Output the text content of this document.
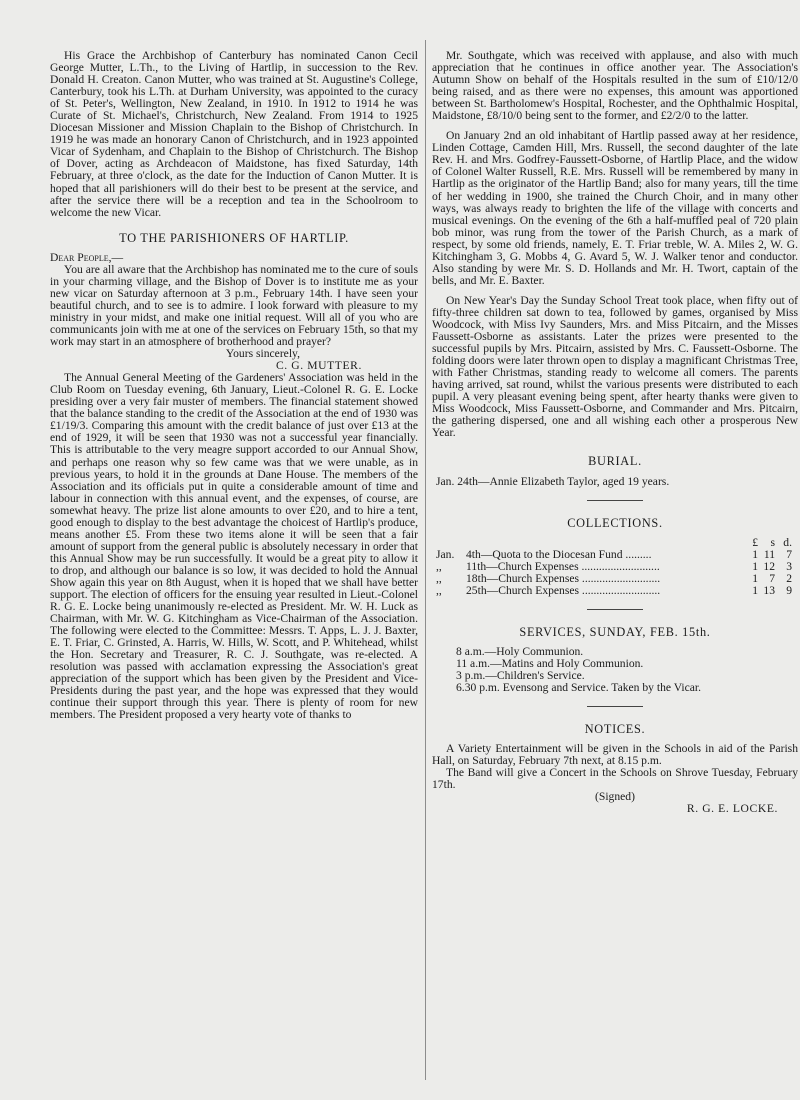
His Grace the Archbishop of Canterbury has nominated Canon Cecil George Mutter, L.Th., to the Living of Hartlip, in succession to the Rev. Donald H. Creaton. Canon Mutter, who was trained at St. Augustine's College, Canterbury, took his L.Th. at Durham University, was appointed to the curacy of St. Peter's, Wellington, New Zealand, in 1910. In 1912 to 1914 he was Curate of St. Michael's, Christchurch, New Zealand. From 1914 to 1925 Diocesan Missioner and Mission Chaplain to the Bishop of Christchurch. In 1919 he was made an honorary Canon of Christchurch, and in 1923 appointed Vicar of Sydenham, and Chaplain to the Bishop of Christchurch. The Bishop of Dover, acting as Archdeacon of Maidstone, has fixed Saturday, 14th February, at three o'clock, as the date for the Induction of Canon Mutter. It is hoped that all parishioners will do their best to be present at the service, and after the service there will be a reception and tea in the Schoolroom to welcome the new Vicar.

TO THE PARISHIONERS OF HARTLIP.

Dear People,—

You are all aware that the Archbishop has nominated me to the cure of souls in your charming village, and the Bishop of Dover is to institute me as your new vicar on Saturday afternoon at 3 p.m., February 14th. I have seen your beautiful church, and to see is to admire. I look forward with pleasure to my ministry in your midst, and make one initial request. Will all of you who are communicants join with me at one of the services on February 15th, so that my work may start in an atmosphere of brotherhood and prayer?

Yours sincerely,

C. G. MUTTER.

The Annual General Meeting of the Gardeners' Association was held in the Club Room on Tuesday evening, 6th January, Lieut.-Colonel R. G. E. Locke presiding over a very fair muster of members. The financial statement showed that the balance standing to the credit of the Association at the end of 1930 was £1/19/3. Comparing this amount with the credit balance of just over £13 at the end of 1929, it will be seen that 1930 was not a successful year financially. This is attributable to the very meagre support accorded to our Annual Show, and perhaps one reason why so few came was that we were unable, as in previous years, to hold it in the grounds at Dane House. The members of the Association and its officials put in quite a considerable amount of time and labour in connection with this annual event, and the expenses, of course, are somewhat heavy. The prize list alone amounts to over £20, and to hire a tent, good enough to display to the best advantage the choicest of Hartlip's produce, means another £5. From these two items alone it will be seen that a fair amount of support from the general public is absolutely necessary in order that this Annual Show may be run successfully. It would be a great pity to allow it to drop, and although our balance is so low, it was decided to hold the Annual Show again this year on 8th August, when it is hoped that we shall have better support. The election of officers for the ensuing year resulted in Lieut.-Colonel R. G. E. Locke being unanimously re-elected as President. Mr. W. H. Luck as Chairman, with Mr. W. G. Kitchingham as Vice-Chairman of the Association. The following were elected to the Committee: Messrs. T. Apps, L. J. J. Baxter, E. T. Friar, C. Grinsted, A. Harris, W. Hills, W. Scott, and P. Whitehead, whilst the Hon. Secretary and Treasurer, R. C. J. Southgate, was re-elected. A resolution was passed with acclamation expressing the Association's great appreciation of the support which has been given by the President and Vice-Presidents during the past year, and the hope was expressed that they would continue their support through this year. There is plenty of room for new members. The President proposed a very hearty vote of thanks to

Mr. Southgate, which was received with applause, and also with much appreciation that he continues in office another year. The Association's Autumn Show on behalf of the Hospitals resulted in the sum of £10/12/0 being raised, and as there were no expenses, this amount was apportioned between St. Bartholomew's Hospital, Rochester, and the Ophthalmic Hospital, Maidstone, £8/10/0 being sent to the former, and £2/2/0 to the latter.

On January 2nd an old inhabitant of Hartlip passed away at her residence, Linden Cottage, Camden Hill, Mrs. Russell, the second daughter of the late Rev. H. and Mrs. Godfrey-Faussett-Osborne, of Hartlip Place, and the widow of Colonel Walter Russell, R.E. Mrs. Russell will be remembered by many in Hartlip as the originator of the Hartlip Band; also for many years, till the time of her wedding in 1900, she trained the Church Choir, and in many other ways, was always ready to brighten the life of the village with concerts and musical evenings. On the evening of the 6th a half-muffled peal of 720 plain bob minor, was rung from the tower of the Parish Church, as a mark of respect, by some old friends, namely, E. T. Friar treble, W. A. Miles 2, W. G. Kitchingham 3, G. Mobbs 4, G. Avard 5, W. J. Walker tenor and conductor. Also standing by were Mr. S. D. Hollands and Mr. H. Twort, captain of the bells, and Mr. E. Baxter.

On New Year's Day the Sunday School Treat took place, when fifty out of fifty-three children sat down to tea, followed by games, organised by Miss Woodcock, with Miss Ivy Saunders, Mrs. and Miss Pitcairn, and the Misses Faussett-Osborne as assistants. Later the prizes were presented to the successful pupils by Mrs. Pitcairn, assisted by Mrs. C. Faussett-Osborne. The folding doors were later thrown open to display a magnificant Christmas Tree, with Father Christmas, standing ready to welcome all comers. The parents having arrived, sat round, whilst the various presents were distributed to each pupil. A very pleasant evening being spent, after hearty thanks were given to Miss Woodcock, Miss Faussett-Osborne, and Commander and Mrs. Pitcairn, the gathering dispersed, one and all wishing each other a prosperous New Year.

BURIAL.

Jan. 24th—Annie Elizabeth Taylor, aged 19 years.

COLLECTIONS.
£	s d.
Jan.	4th—Quota to the Diocesan Fund .........	1 11 7
,,	11th—Church Expenses ...........................	1 12 3
,,	18th—Church Expenses ...........................	1 7 2
,,	25th—Church Expenses ...........................	1 13 9
SERVICES, SUNDAY, FEB. 15th.

8 a.m.—Holy Communion.

11 a.m.—Matins and Holy Communion.

3 p.m.—Children's Service.

6.30 p.m. Evensong and Service. Taken by the Vicar.

NOTICES.

A Variety Entertainment will be given in the Schools in aid of the Parish Hall, on Saturday, February 7th next, at 8.15 p.m.

The Band will give a Concert in the Schools on Shrove Tuesday, February 17th.

(Signed)

R. G. E. LOCKE.
